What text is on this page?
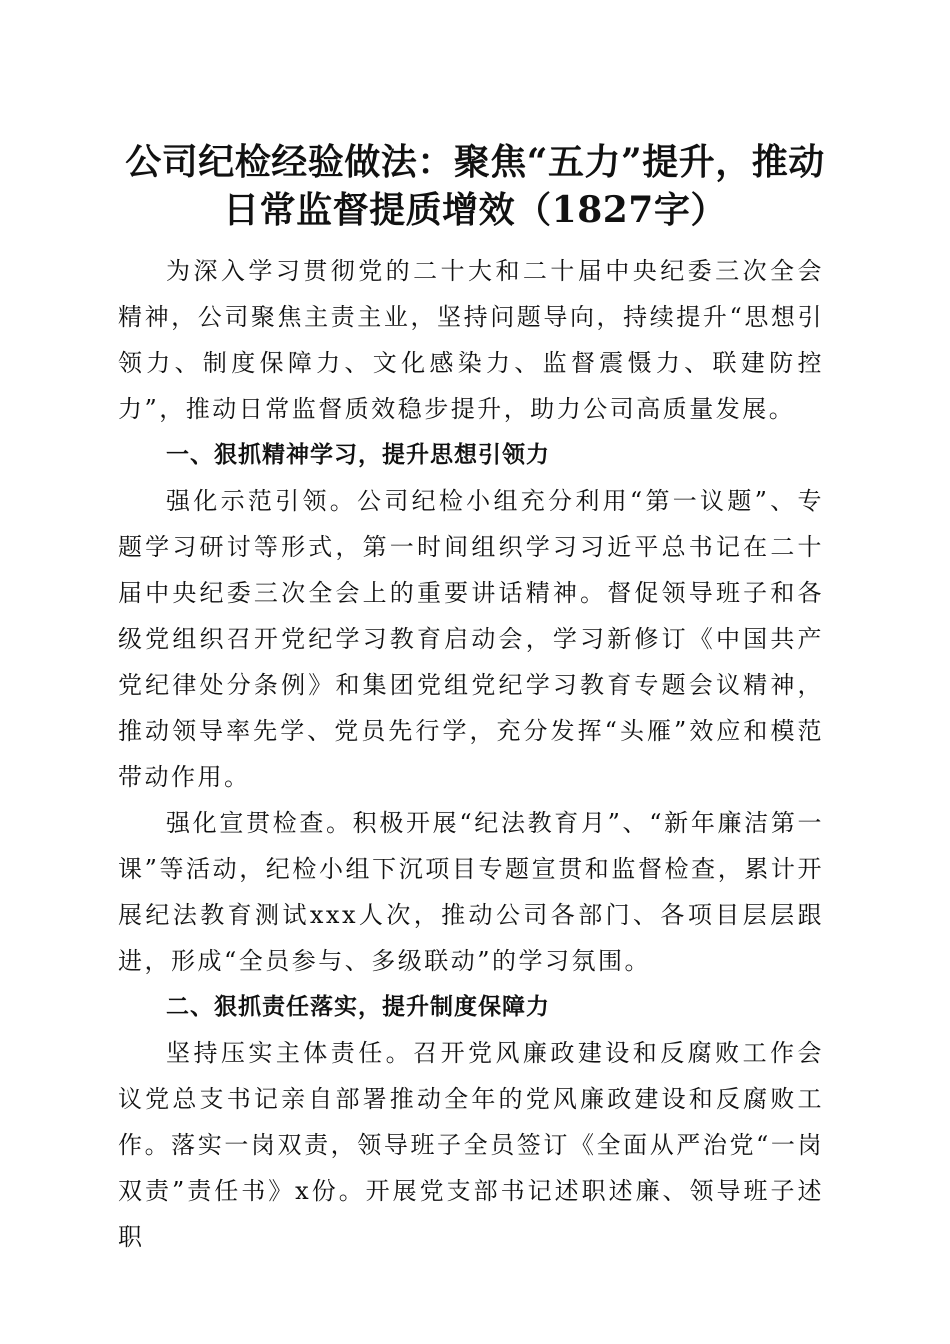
公司纪检经验做法：聚焦“五力”提升，推动
日常监督提质增效（1827字）

为深入学习贯彻党的二十大和二十届中央纪委三次全会精神，公司聚焦主责主业，坚持问题导向，持续提升“思想引领力、制度保障力、文化感染力、监督震慑力、联建防控力”，推动日常监督质效稳步提升，助力公司高质量发展。

一、狠抓精神学习，提升思想引领力

强化示范引领。公司纪检小组充分利用“第一议题”、专题学习研讨等形式，第一时间组织学习习近平总书记在二十届中央纪委三次全会上的重要讲话精神。督促领导班子和各级党组织召开党纪学习教育启动会，学习新修订《中国共产党纪律处分条例》和集团党组党纪学习教育专题会议精神，推动领导率先学、党员先行学，充分发挥“头雁”效应和模范带动作用。

强化宣贯检查。积极开展“纪法教育月”、“新年廉洁第一课”等活动，纪检小组下沉项目专题宣贯和监督检查，累计开展纪法教育测试xxx人次，推动公司各部门、各项目层层跟进，形成“全员参与、多级联动”的学习氛围。

二、狠抓责任落实，提升制度保障力

坚持压实主体责任。召开党风廉政建设和反腐败工作会议党总支书记亲自部署推动全年的党风廉政建设和反腐败工作。落实一岗双责，领导班子全员签订《全面从严治党“一岗双责”责任书》x份。开展党支部书记述职述廉、领导班子述职
